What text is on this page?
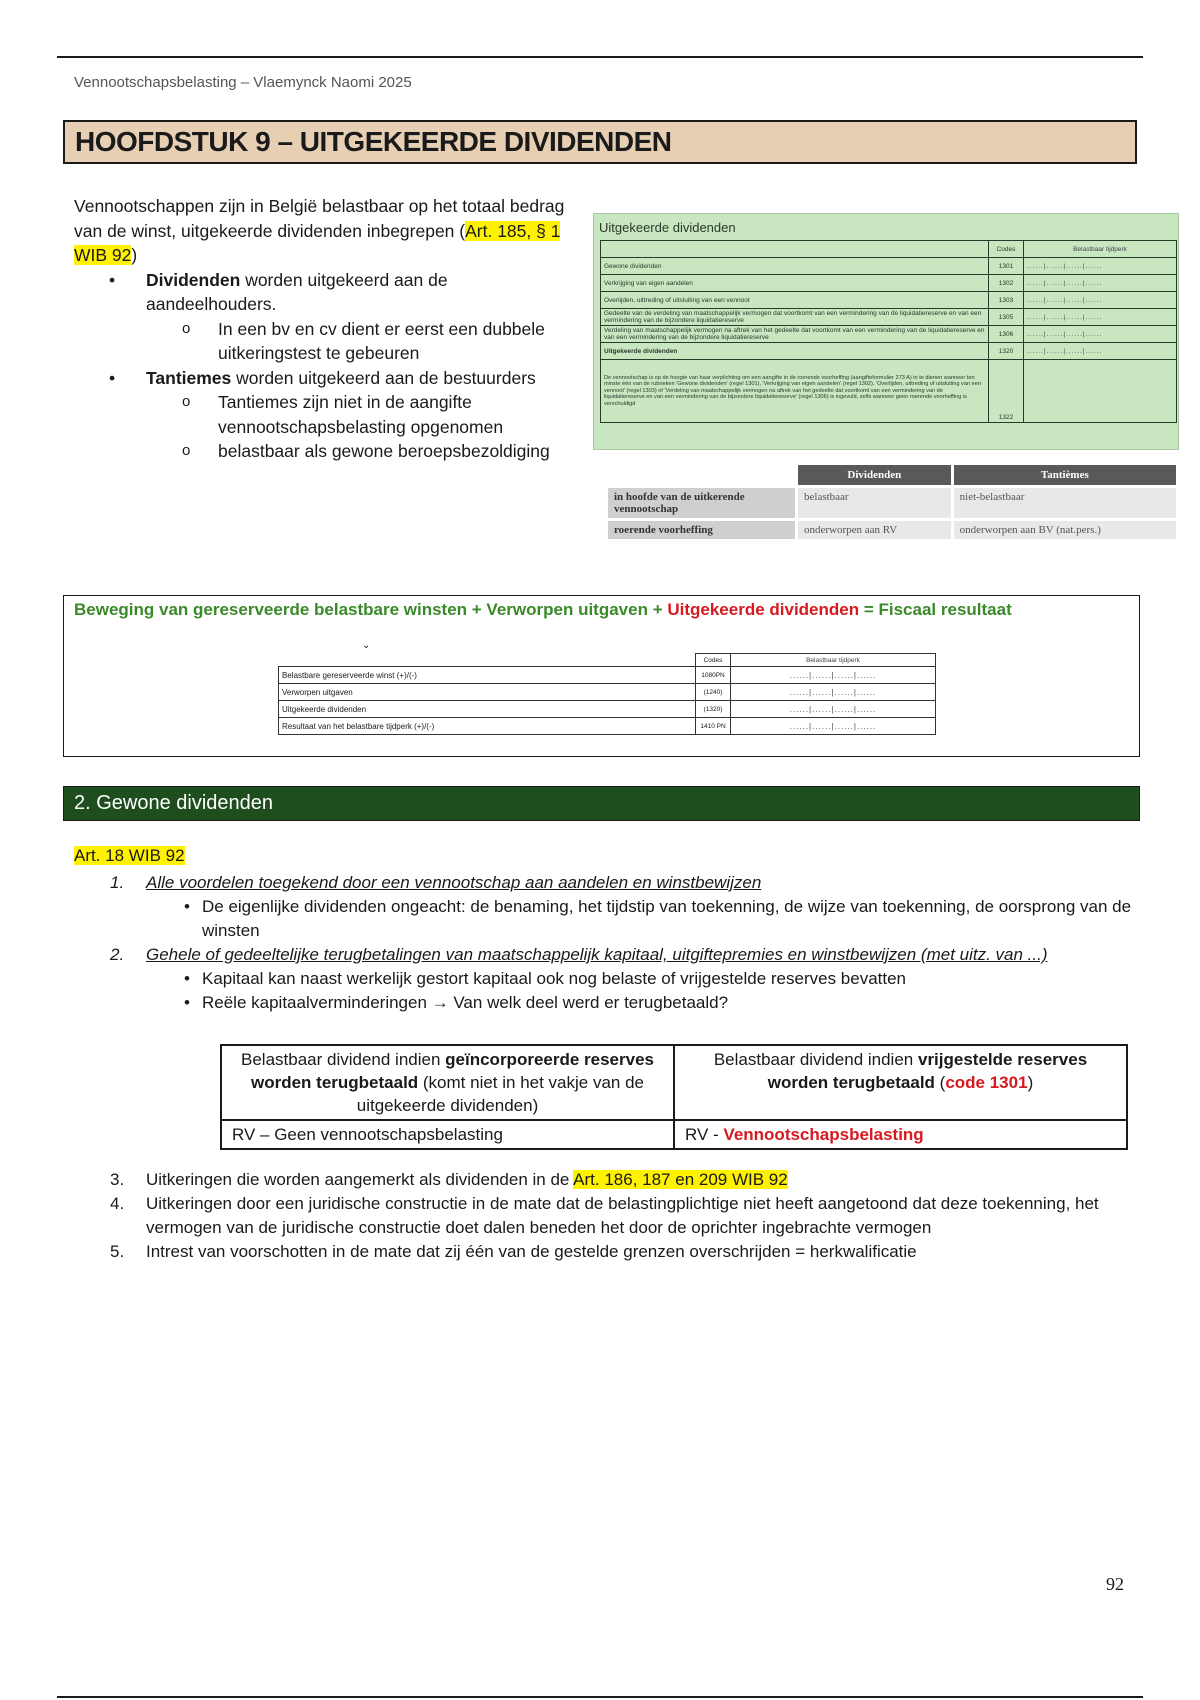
Vennootschapsbelasting – Vlaemynck Naomi 2025
HOOFDSTUK 9 – UITGEKEERDE DIVIDENDEN
Vennootschappen zijn in België belastbaar op het totaal bedrag van de winst, uitgekeerde dividenden inbegrepen (Art. 185, § 1 WIB 92)
• Dividenden worden uitgekeerd aan de aandeelhouders.
o In een bv en cv dient er eerst een dubbele uitkeringstest te gebeuren
• Tantiemes worden uitgekeerd aan de bestuurders
o Tantiemes zijn niet in de aangifte vennootschapsbelasting opgenomen
o belastbaar als gewone beroepsbezoldiging
Uitgekeerde dividenden
	Codes	Belastbaar tijdperk
Gewone dividenden	1301	......|......|......|......
Verkrijging van eigen aandelen	1302	......|......|......|......
Overlijden, uittreding of uitsluiting van een vennoot	1303	......|......|......|......
Gedeelte van de verdeling van maatschappelijk vermogen dat voortkomt van een vermindering van de liquidatiereserve en van een vermindering van de bijzondere liquidatiereserve	1305	......|......|......|......
Verdeling van maatschappelijk vermogen na aftrek van het gedeelte dat voortkomt van een vermindering van de liquidatiereserve en van een vermindering van de bijzondere liquidatiereserve	1306	......|......|......|......
Uitgekeerde dividenden	1320	......|......|......|......
De vennootschap is op de hoogte van haar verplichting om een aangifte in de roerende voorheffing (aangifteformulier 273 A) in te dienen wanneer ten minste één van de rubrieken 'Gewone dividenden' (regel 1301), 'Verkrijging van eigen aandelen' (regel 1302), 'Overlijden, uittreding of uitsluiting van een vennoot' (regel 1303) of 'Verdeling van maatschappelijk vermogen na aftrek van het gedeelte dat voortkomt van een vermindering van de liquidatiereserve en van een vermindering van de bijzondere liquidatiereserve' (regel 1306) is ingevuld, zelfs wanneer geen roerende voorheffing is verschuldigd	1322	
	Dividenden	Tantièmes
in hoofde van de uitkerende vennootschap	belastbaar	niet-belastbaar
roerende voorheffing	onderworpen aan RV	onderworpen aan BV (nat.pers.)
Beweging van gereserveerde belastbare winsten + Verworpen uitgaven + Uitgekeerde dividenden = Fiscaal resultaat
⌄
	Codes	Belastbaar tijdperk
Belastbare gereserveerde winst (+)/(-)	1080PN	......|......|......|......
Verworpen uitgaven	(1240)	......|......|......|......
Uitgekeerde dividenden	(1320)	......|......|......|......
Resultaat van het belastbare tijdperk (+)/(-)	1410 PN	......|......|......|......
2. Gewone dividenden
Art. 18 WIB 92
1. Alle voordelen toegekend door een vennootschap aan aandelen en winstbewijzen
• De eigenlijke dividenden ongeacht: de benaming, het tijdstip van toekenning, de wijze van toekenning, de oorsprong van de winsten
2. Gehele of gedeeltelijke terugbetalingen van maatschappelijk kapitaal, uitgiftepremies en winstbewijzen (met uitz. van ...)
• Kapitaal kan naast werkelijk gestort kapitaal ook nog belaste of vrijgestelde reserves bevatten
• Reële kapitaalverminderingen → Van welk deel werd er terugbetaald?
Belastbaar dividend indien geïncorporeerde reserves worden terugbetaald (komt niet in het vakje van de uitgekeerde dividenden)	Belastbaar dividend indien vrijgestelde reserves worden terugbetaald (code 1301)
RV – Geen vennootschapsbelasting	RV - Vennootschapsbelasting
3. Uitkeringen die worden aangemerkt als dividenden in de Art. 186, 187 en 209 WIB 92
4. Uitkeringen door een juridische constructie in de mate dat de belastingplichtige niet heeft aangetoond dat deze toekenning, het vermogen van de juridische constructie doet dalen beneden het door de oprichter ingebrachte vermogen
5. Intrest van voorschotten in de mate dat zij één van de gestelde grenzen overschrijden = herkwalificatie
92
